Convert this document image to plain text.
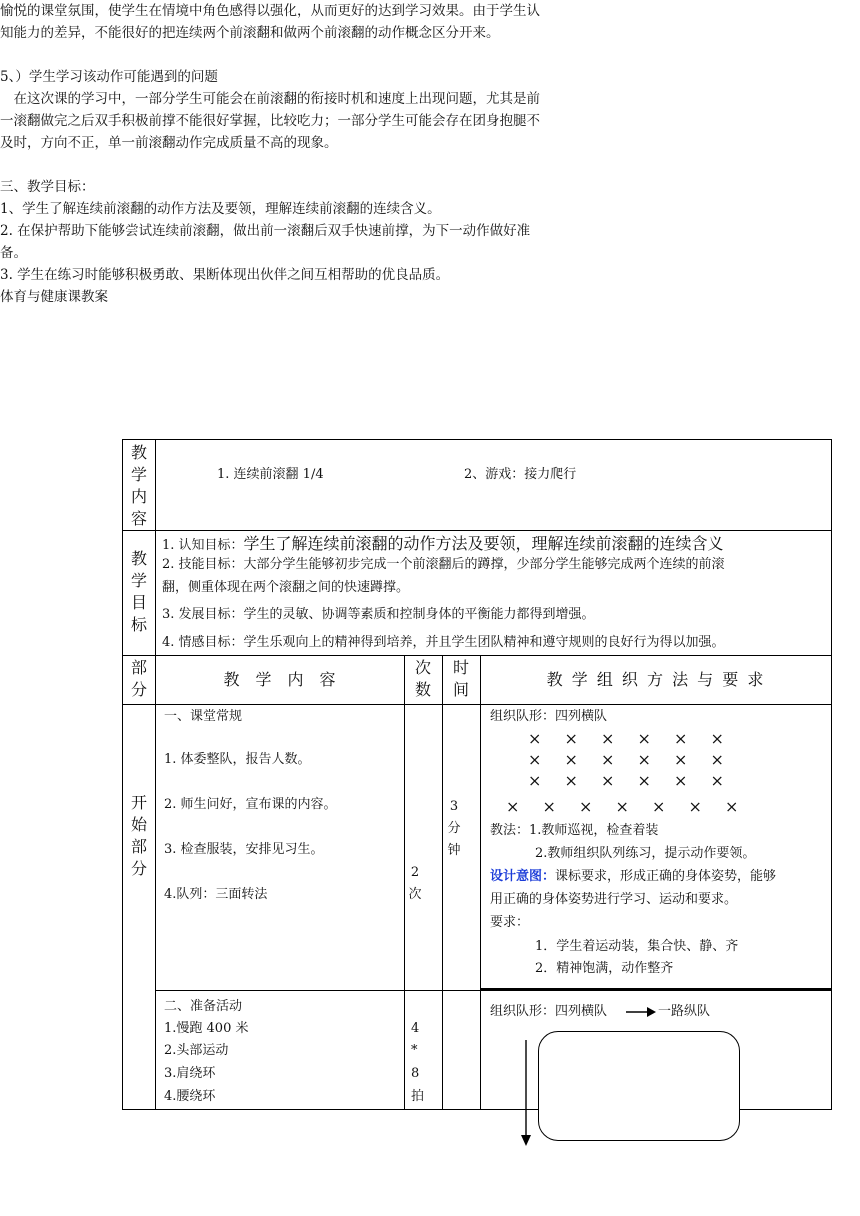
愉悦的课堂氛围，使学生在情境中角色感得以强化，从而更好的达到学习效果。由于学生认
知能力的差异，不能很好的把连续两个前滚翻和做两个前滚翻的动作概念区分开来。
5、）学生学习该动作可能遇到的问题
　在这次课的学习中，一部分学生可能会在前滚翻的衔接时机和速度上出现问题，尤其是前
一滚翻做完之后双手积极前撑不能很好掌握，比较吃力；一部分学生可能会存在团身抱腿不
及时，方向不正，单一前滚翻动作完成质量不高的现象。
三、教学目标：
1、学生了解连续前滚翻的动作方法及要领，理解连续前滚翻的连续含义。
2. 在保护帮助下能够尝试连续前滚翻，做出前一滚翻后双手快速前撑，为下一动作做好准
备。
3. 学生在练习时能够积极勇敢、果断体现出伙伴之间互相帮助的优良品质。
体育与健康课教案
教学内容
1. 连续前滚翻 1/4	2、游戏：接力爬行
教学目标
1. 认知目标：学生了解连续前滚翻的动作方法及要领，理解连续前滚翻的连续含义
2. 技能目标：大部分学生能够初步完成一个前滚翻后的蹲撑，少部分学生能够完成两个连续的前滚
翻，侧重体现在两个滚翻之间的快速蹲撑。
3. 发展目标：学生的灵敏、协调等素质和控制身体的平衡能力都得到增强。
4. 情感目标：学生乐观向上的精神得到培养，并且学生团队精神和遵守规则的良好行为得以加强。
部分
教　学　内　容
次数
时间
教 学 组 织 方 法 与 要 求
开始部分
一、课堂常规
1. 体委整队，报告人数。
2. 师生问好，宣布课的内容。
3. 检查服装，安排见习生。
4.队列：三面转法
2次
3分钟
组织队形：四列横队
× × × × × ×
× × × × × ×
× × × × × ×
× × × × × × ×
教法：1.教师巡视，检查着装
2.教师组织队列练习，提示动作要领。
设计意图：课标要求，形成正确的身体姿势，能够
用正确的身体姿势进行学习、运动和要求。
要求：
1．学生着运动装，集合快、静、齐
2．精神饱满，动作整齐
二、准备活动
1.慢跑 400 米
2.头部运动
3.肩绕环
4.腰绕环
4
*
8
拍
组织队形：四列横队	一路纵队
